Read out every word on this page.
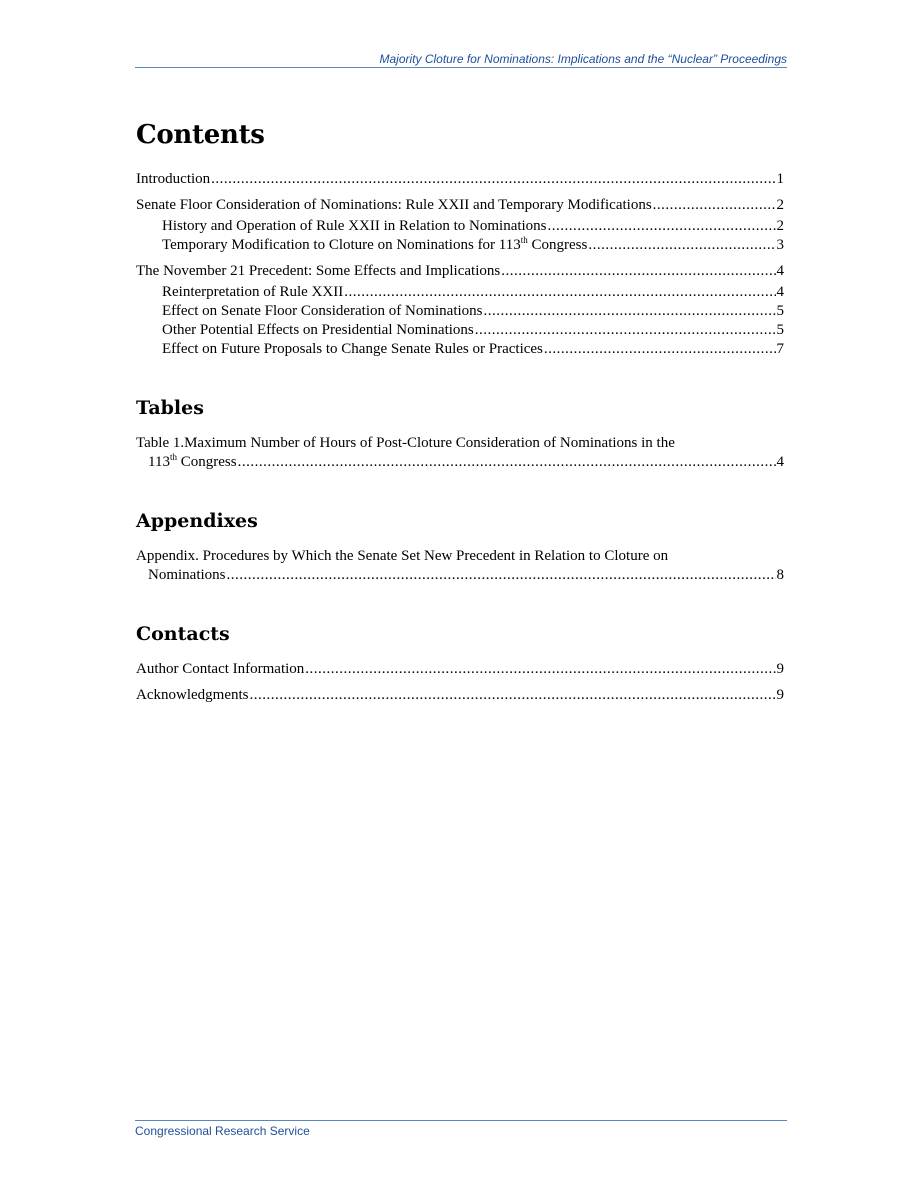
Majority Cloture for Nominations: Implications and the “Nuclear” Proceedings
Contents
Introduction .....	1
Senate Floor Consideration of Nominations: Rule XXII and Temporary Modifications .....	2
History and Operation of Rule XXII in Relation to Nominations .....	2
Temporary Modification to Cloture on Nominations for 113th Congress .....	3
The November 21 Precedent: Some Effects and Implications .....	4
Reinterpretation of Rule XXII .....	4
Effect on Senate Floor Consideration of Nominations .....	5
Other Potential Effects on Presidential Nominations .....	5
Effect on Future Proposals to Change Senate Rules or Practices .....	7
Tables
Table 1.Maximum Number of Hours of Post-Cloture Consideration of Nominations in the
113th Congress .....	4
Appendixes
Appendix. Procedures by Which the Senate Set New Precedent in Relation to Cloture on
Nominations .....	8
Contacts
Author Contact Information .....	9
Acknowledgments .....	9
Congressional Research Service
